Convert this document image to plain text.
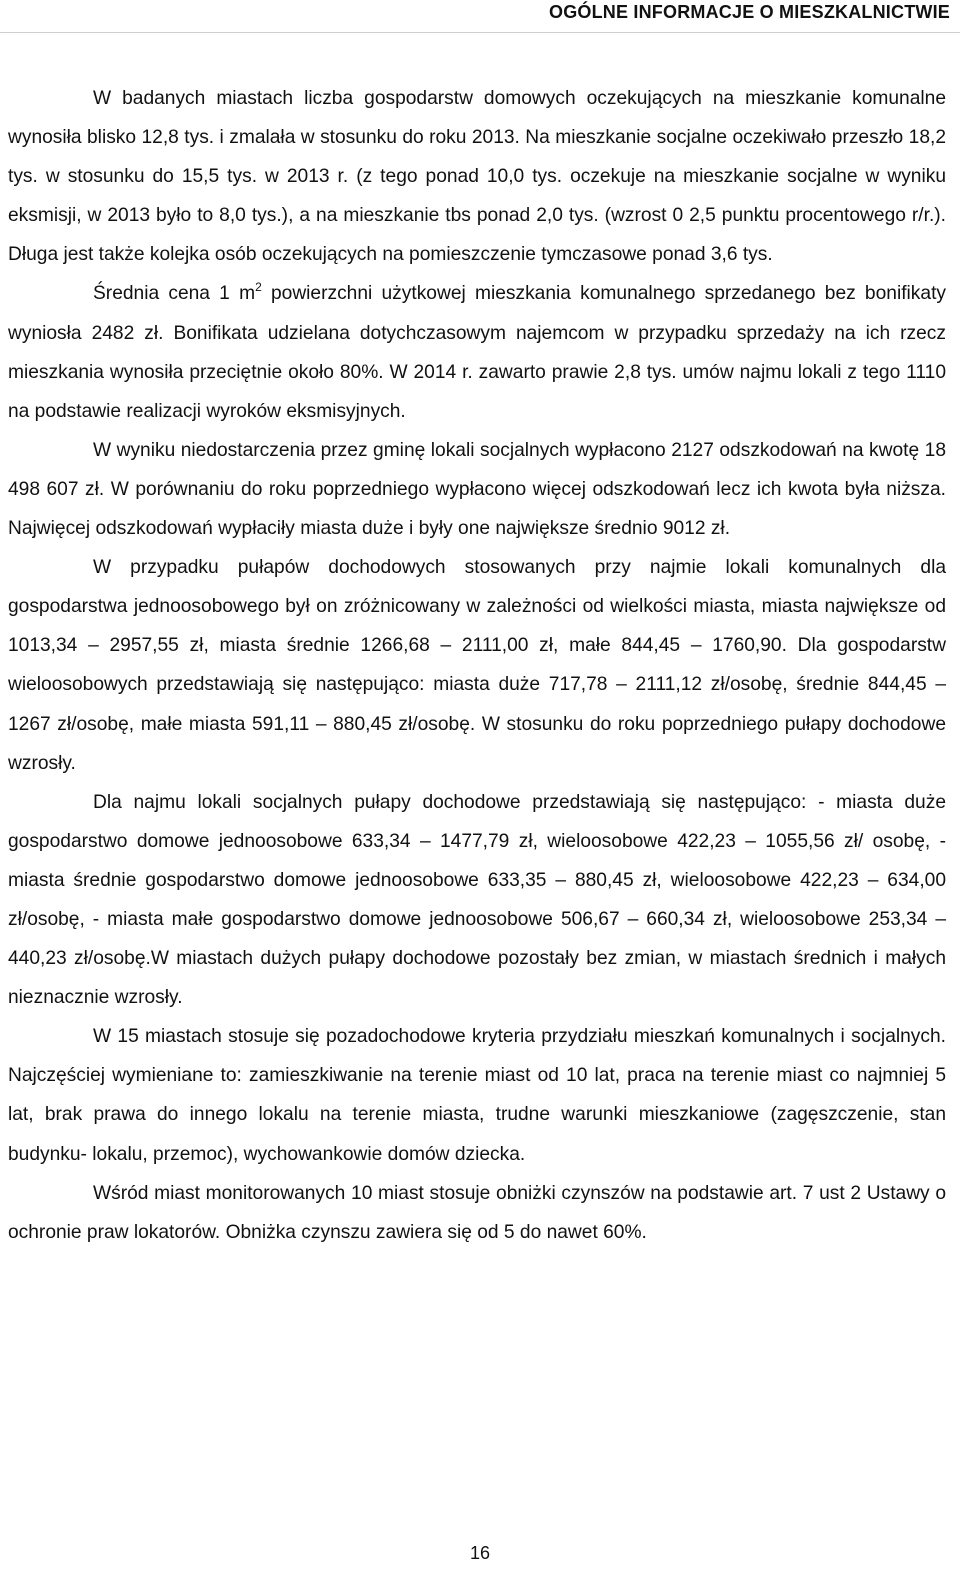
OGÓLNE INFORMACJE O MIESZKALNICTWIE

W badanych miastach liczba gospodarstw domowych oczekujących na mieszkanie komunalne wynosiła blisko 12,8 tys. i zmalała w stosunku do roku 2013. Na mieszkanie socjalne oczekiwało przeszło 18,2 tys. w stosunku do 15,5 tys. w 2013 r. (z tego ponad 10,0 tys. oczekuje na mieszkanie socjalne w wyniku eksmisji, w 2013 było to 8,0 tys.), a na mieszkanie tbs ponad 2,0 tys. (wzrost 0 2,5 punktu procentowego r/r.). Długa jest także kolejka osób oczekujących na pomieszczenie tymczasowe ponad 3,6 tys.

Średnia cena 1 $m^2$ powierzchni użytkowej mieszkania komunalnego sprzedanego bez bonifikaty wyniosła 2482 zł. Bonifikata udzielana dotychczasowym najemcom w przypadku sprzedaży na ich rzecz mieszkania wynosiła przeciętnie około 80%. W 2014 r. zawarto prawie 2,8 tys. umów najmu lokali z tego 1110 na podstawie realizacji wyroków eksmisyjnych.

W wyniku niedostarczenia przez gminę lokali socjalnych wypłacono 2127 odszkodowań na kwotę 18 498 607 zł. W porównaniu do roku poprzedniego wypłacono więcej odszkodowań lecz ich kwota była niższa. Najwięcej odszkodowań wypłaciły miasta duże i były one największe średnio 9012 zł.

W przypadku pułapów dochodowych stosowanych przy najmie lokali komunalnych dla gospodarstwa jednoosobowego był on zróżnicowany w zależności od wielkości miasta, miasta największe od 1013,34 – 2957,55 zł, miasta średnie 1266,68 – 2111,00 zł, małe 844,45 – 1760,90. Dla gospodarstw wieloosobowych przedstawiają się następująco: miasta duże 717,78 – 2111,12 zł/osobę, średnie 844,45 – 1267 zł/osobę, małe miasta 591,11 – 880,45 zł/osobę. W stosunku do roku poprzedniego pułapy dochodowe wzrosły.

Dla najmu lokali socjalnych pułapy dochodowe przedstawiają się następująco: - miasta duże gospodarstwo domowe jednoosobowe 633,34 – 1477,79 zł, wieloosobowe 422,23 – 1055,56 zł/ osobę, - miasta średnie gospodarstwo domowe jednoosobowe 633,35 – 880,45 zł, wieloosobowe 422,23 – 634,00 zł/osobę, - miasta małe gospodarstwo domowe jednoosobowe 506,67 – 660,34 zł, wieloosobowe 253,34 – 440,23 zł/osobę.W miastach dużych pułapy dochodowe pozostały bez zmian, w miastach średnich i małych nieznacznie wzrosły.

W 15 miastach stosuje się pozadochodowe kryteria przydziału mieszkań komunalnych i socjalnych. Najczęściej wymieniane to: zamieszkiwanie na terenie miast od 10 lat, praca na terenie miast co najmniej 5 lat, brak prawa do innego lokalu na terenie miasta, trudne warunki mieszkaniowe (zagęszczenie, stan budynku- lokalu, przemoc), wychowankowie domów dziecka.

Wśród miast monitorowanych 10 miast stosuje obniżki czynszów na podstawie art. 7 ust 2 Ustawy o ochronie praw lokatorów. Obniżka czynszu zawiera się od 5 do nawet 60%.

16
